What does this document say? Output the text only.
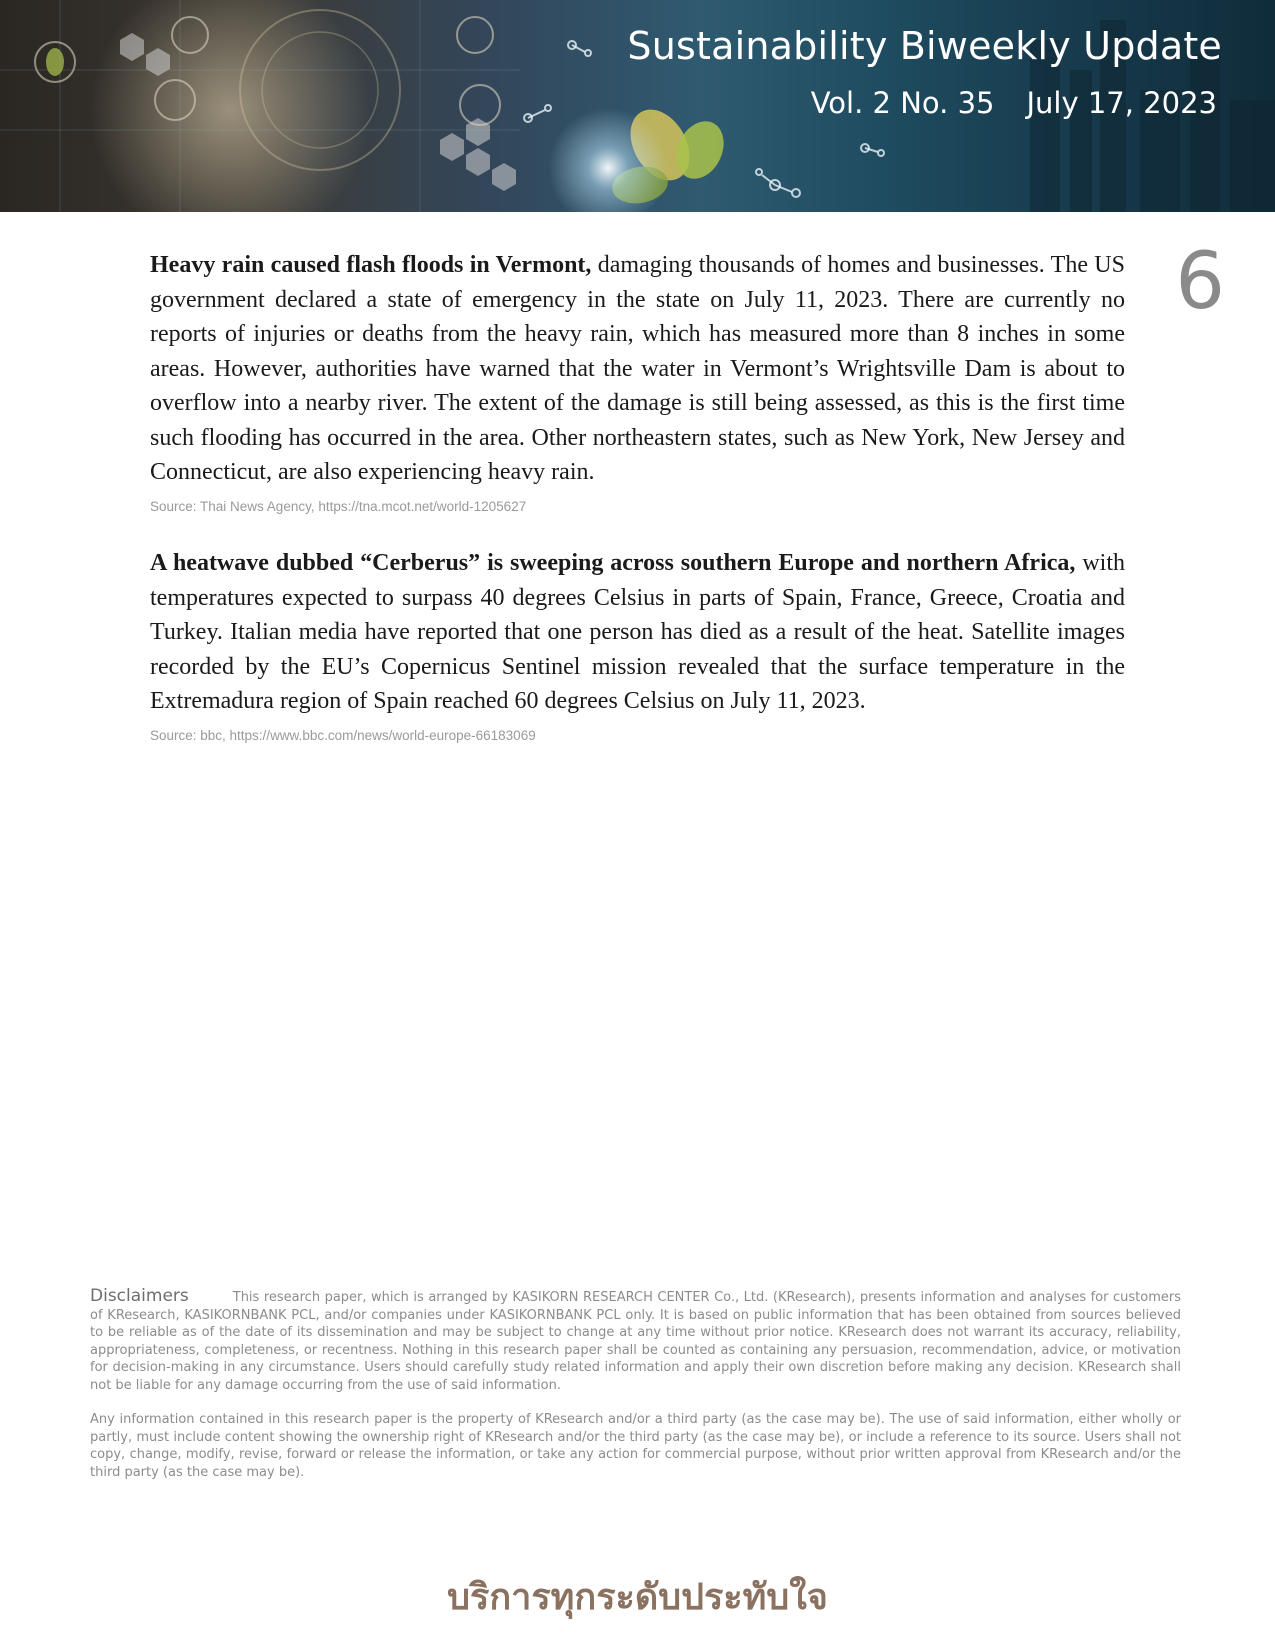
Sustainability Biweekly Update
Vol. 2 No. 35 July 17, 2023
6

Heavy rain caused flash floods in Vermont, damaging thousands of homes and businesses. The US government declared a state of emergency in the state on July 11, 2023. There are currently no reports of injuries or deaths from the heavy rain, which has measured more than 8 inches in some areas. However, authorities have warned that the water in Vermont’s Wrightsville Dam is about to overflow into a nearby river. The extent of the damage is still being assessed, as this is the first time such flooding has occurred in the area. Other northeastern states, such as New York, New Jersey and Connecticut, are also experiencing heavy rain.

Source: Thai News Agency, https://tna.mcot.net/world-1205627

A heatwave dubbed “Cerberus” is sweeping across southern Europe and northern Africa, with temperatures expected to surpass 40 degrees Celsius in parts of Spain, France, Greece, Croatia and Turkey. Italian media have reported that one person has died as a result of the heat. Satellite images recorded by the EU’s Copernicus Sentinel mission revealed that the surface temperature in the Extremadura region of Spain reached 60 degrees Celsius on July 11, 2023.

Source: bbc, https://www.bbc.com/news/world-europe-66183069

Disclaimers	This research paper, which is arranged by KASIKORN RESEARCH CENTER Co., Ltd. (KResearch), presents information and analyses for customers of KResearch, KASIKORNBANK PCL, and/or companies under KASIKORNBANK PCL only. It is based on public information that has been obtained from sources believed to be reliable as of the date of its dissemination and may be subject to change at any time without prior notice. KResearch does not warrant its accuracy, reliability, appropriateness, completeness, or recentness. Nothing in this research paper shall be counted as containing any persuasion, recommendation, advice, or motivation for decision-making in any circumstance. Users should carefully study related information and apply their own discretion before making any decision. KResearch shall not be liable for any damage occurring from the use of said information.

Any information contained in this research paper is the property of KResearch and/or a third party (as the case may be). The use of said information, either wholly or partly, must include content showing the ownership right of KResearch and/or the third party (as the case may be), or include a reference to its source. Users shall not copy, change, modify, revise, forward or release the information, or take any action for commercial purpose, without prior written approval from KResearch and/or the third party (as the case may be).

บริการทุกระดับประทับใจ
